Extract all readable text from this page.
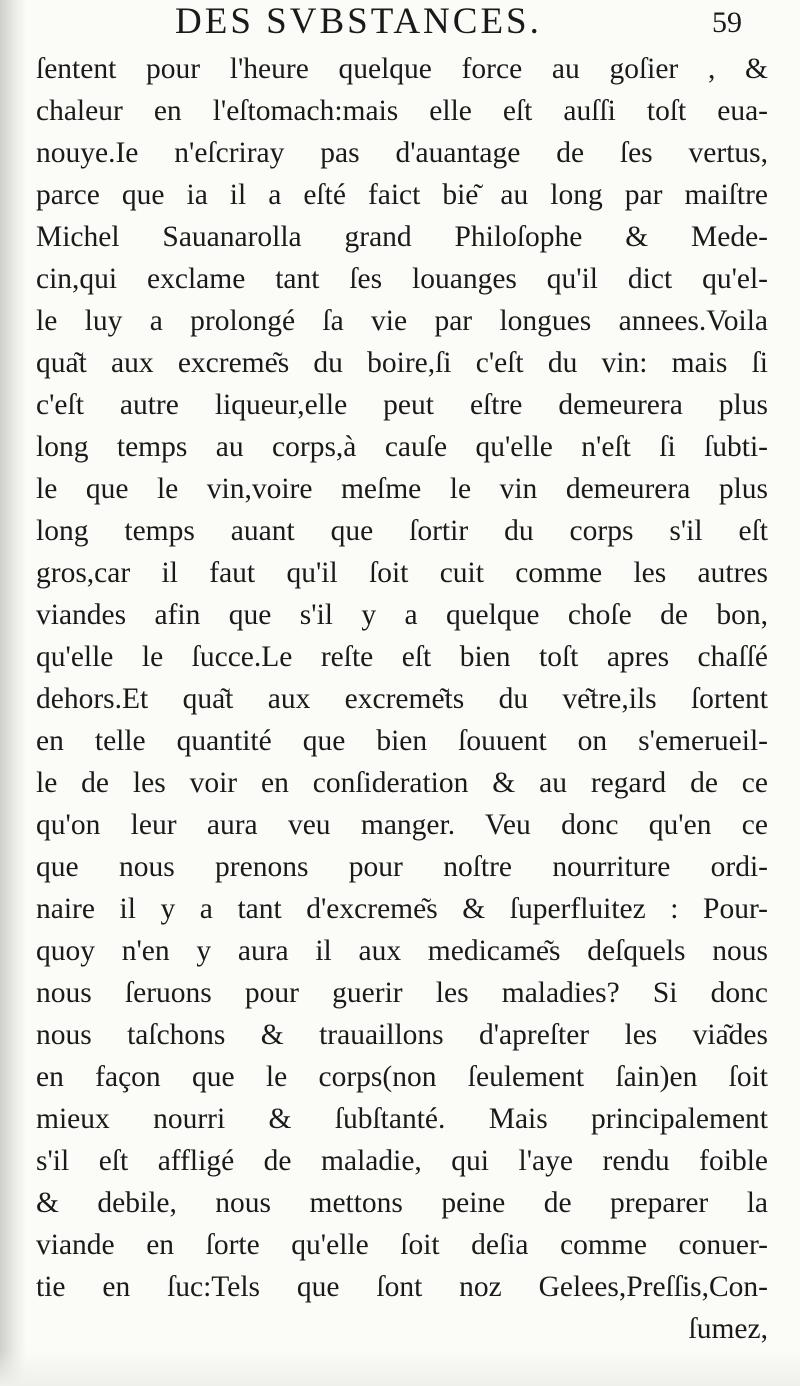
DES SVBSTANCES.	59
ſentent pour l'heure quelque force au goſier , &
chaleur en l'eſtomach:mais elle eſt auſſi toſt eua-
nouye.Ie n'eſcriray pas d'auantage de ſes vertus,
parce que ia il a eſté faict bie͂ au long par maiſtre
Michel Sauanarolla grand Philoſophe & Mede-
cin,qui exclame tant ſes louanges qu'il dict qu'el-
le luy a prolongé ſa vie par longues annees.Voila
qua͂t aux excreme͂s du boire,ſi c'eſt du vin: mais ſi
c'eſt autre liqueur,elle peut eſtre demeurera plus
long temps au corps,à cauſe qu'elle n'eſt ſi ſubti-
le que le vin,voire meſme le vin demeurera plus
long temps auant que ſortir du corps s'il eſt
gros,car il faut qu'il ſoit cuit comme les autres
viandes afin que s'il y a quelque choſe de bon,
qu'elle le ſucce.Le reſte eſt bien toſt apres chaſſé
dehors.Et qua͂t aux excreme͂ts du ve͂tre,ils ſortent
en telle quantité que bien ſouuent on s'emerueil-
le de les voir en conſideration & au regard de ce
qu'on leur aura veu manger. Veu donc qu'en ce
que nous prenons pour noſtre nourriture ordi-
naire il y a tant d'excreme͂s & ſuperfluitez : Pour-
quoy n'en y aura il aux medicame͂s deſquels nous
nous ſeruons pour guerir les maladies? Si donc
nous taſchons & trauaillons d'apreſter les via͂des
en façon que le corps(non ſeulement ſain)en ſoit
mieux nourri & ſubſtanté. Mais principalement
s'il eſt affligé de maladie, qui l'aye rendu foible
& debile, nous mettons peine de preparer la
viande en ſorte qu'elle ſoit deſia comme conuer-
tie en ſuc:Tels que ſont noz Gelees,Preſſis,Con-
ſumez,
